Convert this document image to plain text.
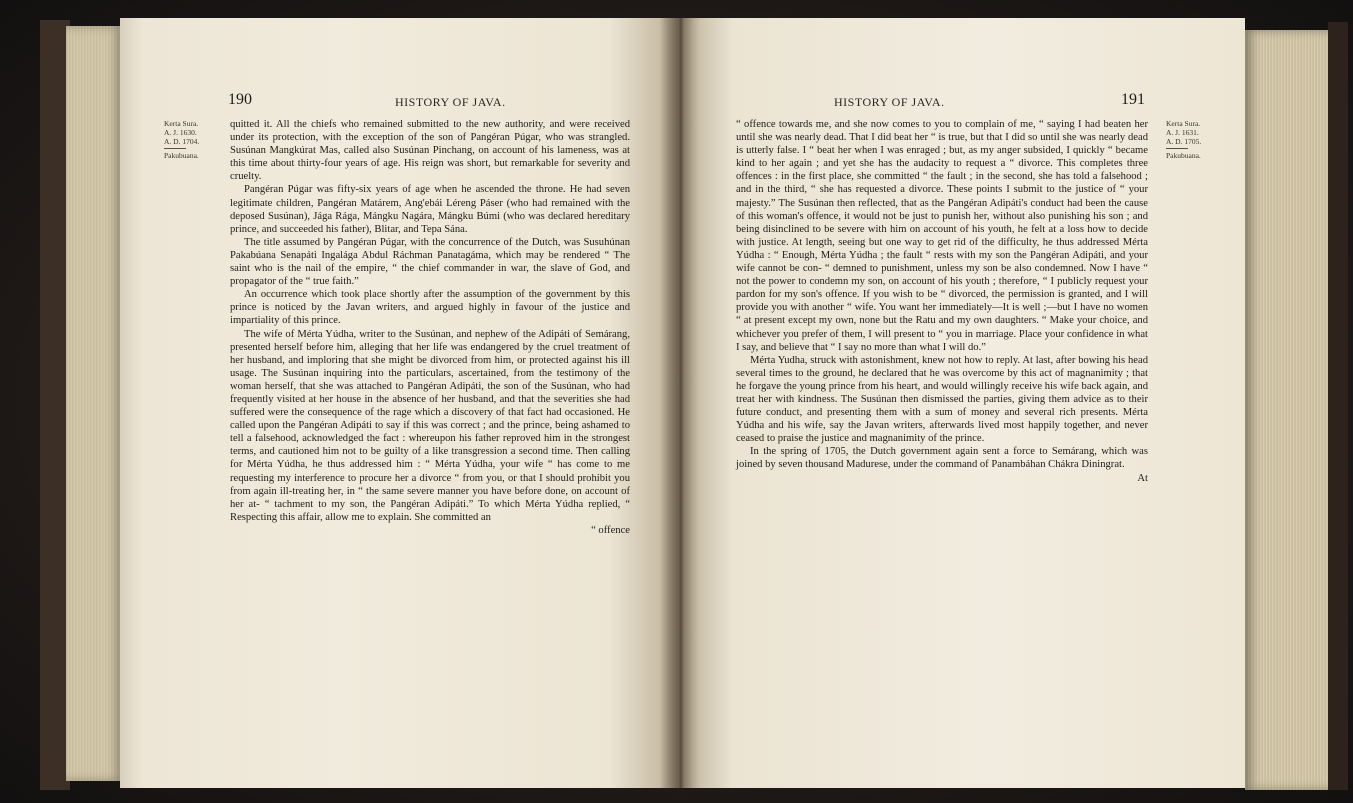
190	HISTORY OF JAVA.
Kerta Sura.
A. J. 1630.
A. D. 1704.
Pakubuana.

quitted it. All the chiefs who remained submitted to the new authority, and were received under its protection, with the exception of the son of Pangéran Púgar, who was strangled. Susúnan Mangkúrat Mas, called also Susúnan Pinchang, on account of his lameness, was at this time about thirty-four years of age. His reign was short, but remarkable for severity and cruelty.

Pangéran Púgar was fifty-six years of age when he ascended the throne. He had seven legitimate children, Pangéran Matárem, Ang'ebái Léreng Páser (who had remained with the deposed Susúnan), Jága Rága, Mángku Nagára, Mángku Búmi (who was declared hereditary prince, and succeeded his father), Blitar, and Tepa Sána.

The title assumed by Pangéran Púgar, with the concurrence of the Dutch, was Susuhúnan Pakabúana Senapáti Ingalága Abdul Ráchman Panatagáma, which may be rendered “ The saint who is the nail of the empire, “ the chief commander in war, the slave of God, and propagator of the “ true faith.”

An occurrence which took place shortly after the assumption of the government by this prince is noticed by the Javan writers, and argued highly in favour of the justice and impartiality of this prince.

The wife of Mérta Yúdha, writer to the Susúnan, and nephew of the Adipáti of Semárang, presented herself before him, alleging that her life was endangered by the cruel treatment of her husband, and imploring that she might be divorced from him, or protected against his ill usage. The Susúnan inquiring into the particulars, ascertained, from the testimony of the woman herself, that she was attached to Pangéran Adipáti, the son of the Susúnan, who had frequently visited at her house in the absence of her husband, and that the severities she had suffered were the consequence of the rage which a discovery of that fact had occasioned. He called upon the Pangéran Adipáti to say if this was correct ; and the prince, being ashamed to tell a falsehood, acknowledged the fact : whereupon his father reproved him in the strongest terms, and cautioned him not to be guilty of a like transgression a second time. Then calling for Mérta Yúdha, he thus addressed him : “ Mérta Yúdha, your wife “ has come to me requesting my interference to procure her a divorce “ from you, or that I should prohibit you from again ill-treating her, in “ the same severe manner you have before done, on account of her at- “ tachment to my son, the Pangéran Adipáti.” To which Mérta Yúdha replied, “ Respecting this affair, allow me to explain. She committed an

“ offence

HISTORY OF JAVA.	191
Kerta Sura.
A. J. 1631.
A. D. 1705.
Pakubuana.

“ offence towards me, and she now comes to you to complain of me, “ saying I had beaten her until she was nearly dead. That I did beat her “ is true, but that I did so until she was nearly dead is utterly false. I “ beat her when I was enraged ; but, as my anger subsided, I quickly “ became kind to her again ; and yet she has the audacity to request a “ divorce. This completes three offences : in the first place, she committed “ the fault ; in the second, she has told a falsehood ; and in the third, “ she has requested a divorce. These points I submit to the justice of “ your majesty.” The Susúnan then reflected, that as the Pangéran Adipáti's conduct had been the cause of this woman's offence, it would not be just to punish her, without also punishing his son ; and being disinclined to be severe with him on account of his youth, he felt at a loss how to decide with justice. At length, seeing but one way to get rid of the difficulty, he thus addressed Mérta Yúdha : “ Enough, Mérta Yúdha ; the fault “ rests with my son the Pangéran Adipáti, and your wife cannot be con- “ demned to punishment, unless my son be also condemned. Now I have “ not the power to condemn my son, on account of his youth ; therefore, “ I publicly request your pardon for my son's offence. If you wish to be “ divorced, the permission is granted, and I will provide you with another “ wife. You want her immediately—It is well ;—but I have no women “ at present except my own, none but the Ratu and my own daughters. “ Make your choice, and whichever you prefer of them, I will present to “ you in marriage. Place your confidence in what I say, and believe that “ I say no more than what I will do.”

Mérta Yudha, struck with astonishment, knew not how to reply. At last, after bowing his head several times to the ground, he declared that he was overcome by this act of magnanimity ; that he forgave the young prince from his heart, and would willingly receive his wife back again, and treat her with kindness. The Susúnan then dismissed the parties, giving them advice as to their future conduct, and presenting them with a sum of money and several rich presents. Mérta Yúdha and his wife, say the Javan writers, afterwards lived most happily together, and never ceased to praise the justice and magnanimity of the prince.

In the spring of 1705, the Dutch government again sent a force to Semárang, which was joined by seven thousand Madurese, under the command of Panambáhan Chákra Diningrat.

At
